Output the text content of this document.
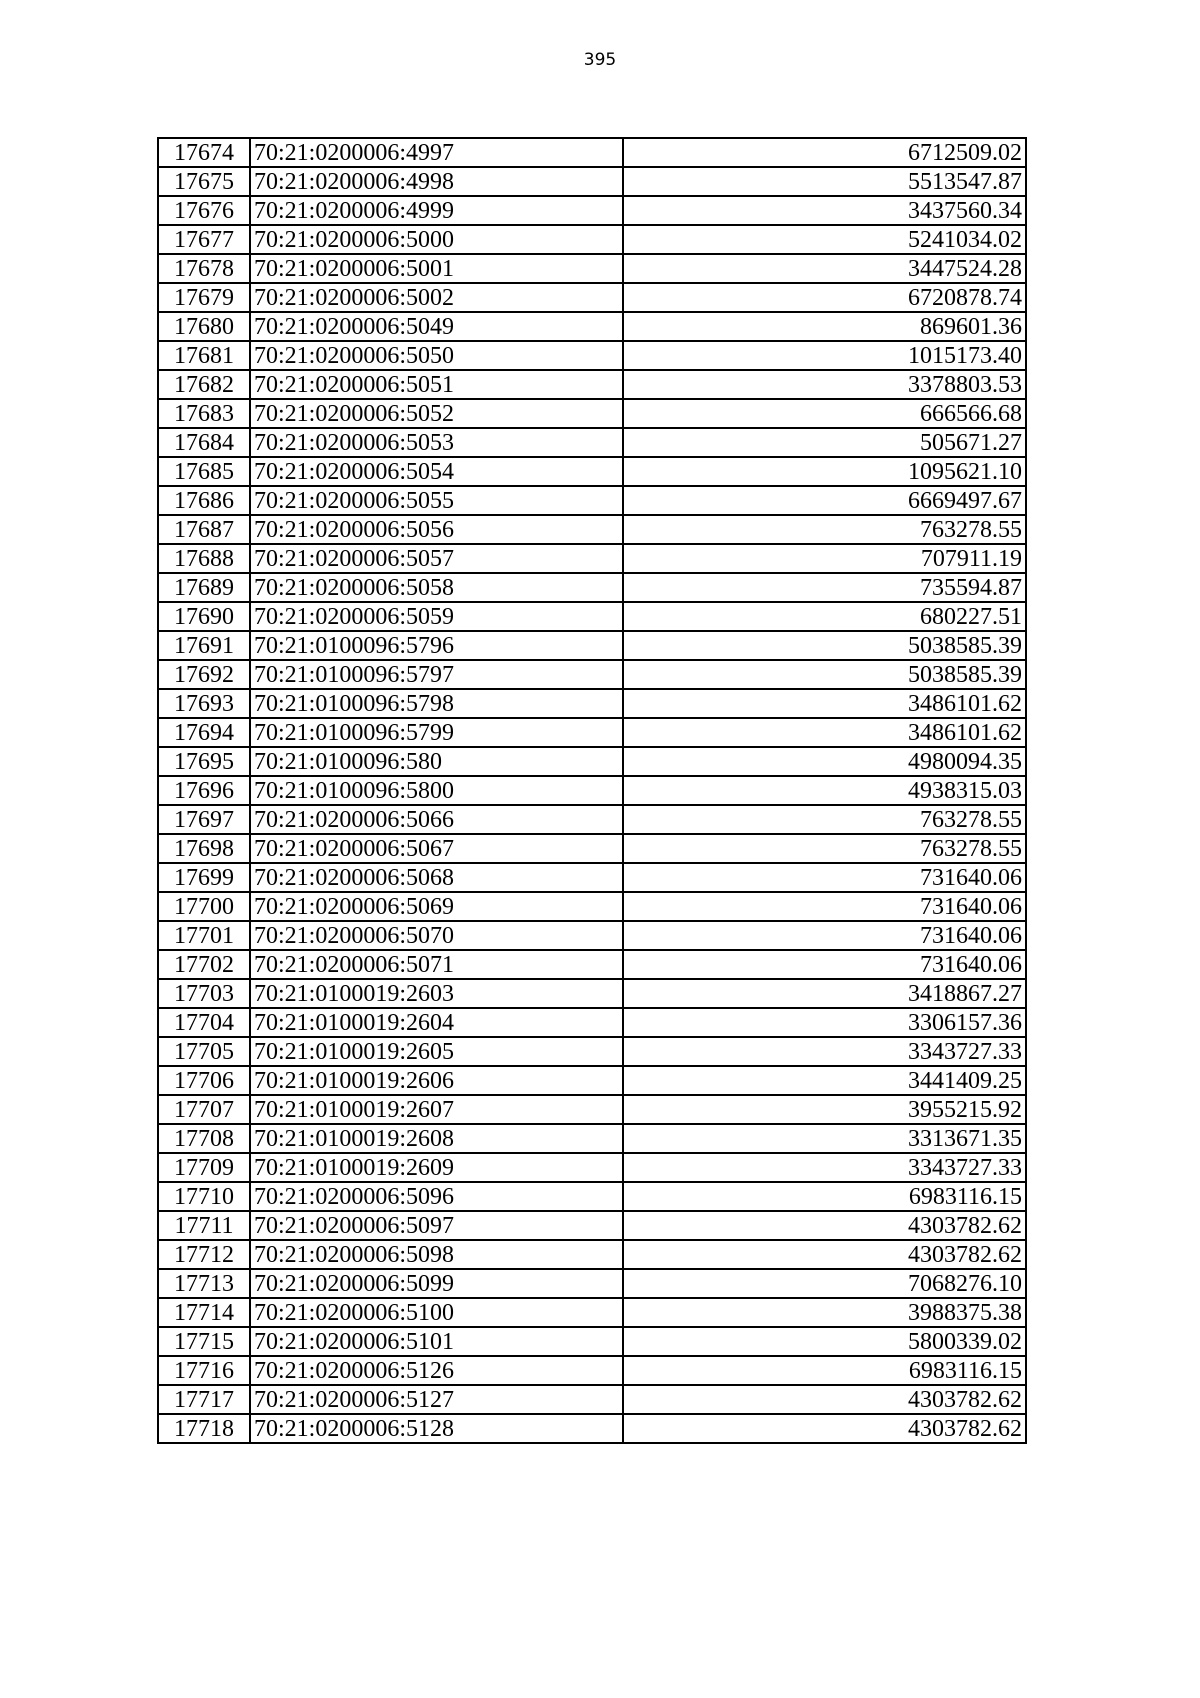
395
17674	70:21:0200006:4997	6712509.02
17675	70:21:0200006:4998	5513547.87
17676	70:21:0200006:4999	3437560.34
17677	70:21:0200006:5000	5241034.02
17678	70:21:0200006:5001	3447524.28
17679	70:21:0200006:5002	6720878.74
17680	70:21:0200006:5049	869601.36
17681	70:21:0200006:5050	1015173.40
17682	70:21:0200006:5051	3378803.53
17683	70:21:0200006:5052	666566.68
17684	70:21:0200006:5053	505671.27
17685	70:21:0200006:5054	1095621.10
17686	70:21:0200006:5055	6669497.67
17687	70:21:0200006:5056	763278.55
17688	70:21:0200006:5057	707911.19
17689	70:21:0200006:5058	735594.87
17690	70:21:0200006:5059	680227.51
17691	70:21:0100096:5796	5038585.39
17692	70:21:0100096:5797	5038585.39
17693	70:21:0100096:5798	3486101.62
17694	70:21:0100096:5799	3486101.62
17695	70:21:0100096:580	4980094.35
17696	70:21:0100096:5800	4938315.03
17697	70:21:0200006:5066	763278.55
17698	70:21:0200006:5067	763278.55
17699	70:21:0200006:5068	731640.06
17700	70:21:0200006:5069	731640.06
17701	70:21:0200006:5070	731640.06
17702	70:21:0200006:5071	731640.06
17703	70:21:0100019:2603	3418867.27
17704	70:21:0100019:2604	3306157.36
17705	70:21:0100019:2605	3343727.33
17706	70:21:0100019:2606	3441409.25
17707	70:21:0100019:2607	3955215.92
17708	70:21:0100019:2608	3313671.35
17709	70:21:0100019:2609	3343727.33
17710	70:21:0200006:5096	6983116.15
17711	70:21:0200006:5097	4303782.62
17712	70:21:0200006:5098	4303782.62
17713	70:21:0200006:5099	7068276.10
17714	70:21:0200006:5100	3988375.38
17715	70:21:0200006:5101	5800339.02
17716	70:21:0200006:5126	6983116.15
17717	70:21:0200006:5127	4303782.62
17718	70:21:0200006:5128	4303782.62
